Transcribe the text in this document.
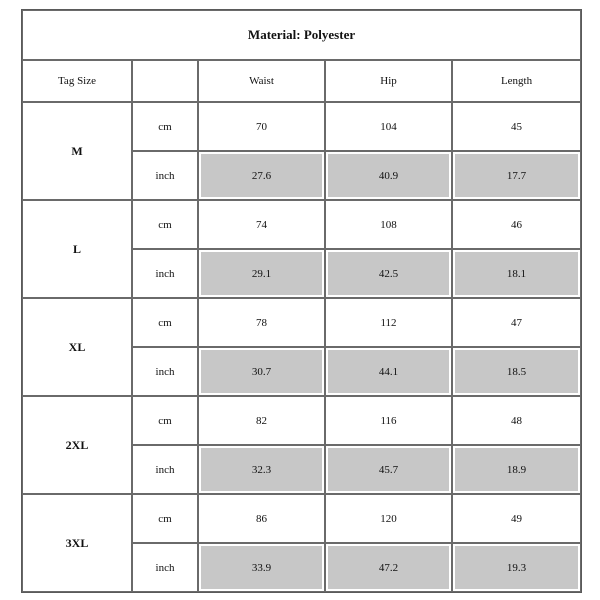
Material: Polyester				
Tag Size		Waist	Hip	Length
M	cm	70	104	45
	inch	27.6	40.9	17.7
L	cm	74	108	46
	inch	29.1	42.5	18.1
XL	cm	78	112	47
	inch	30.7	44.1	18.5
2XL	cm	82	116	48
	inch	32.3	45.7	18.9
3XL	cm	86	120	49
	inch	33.9	47.2	19.3
